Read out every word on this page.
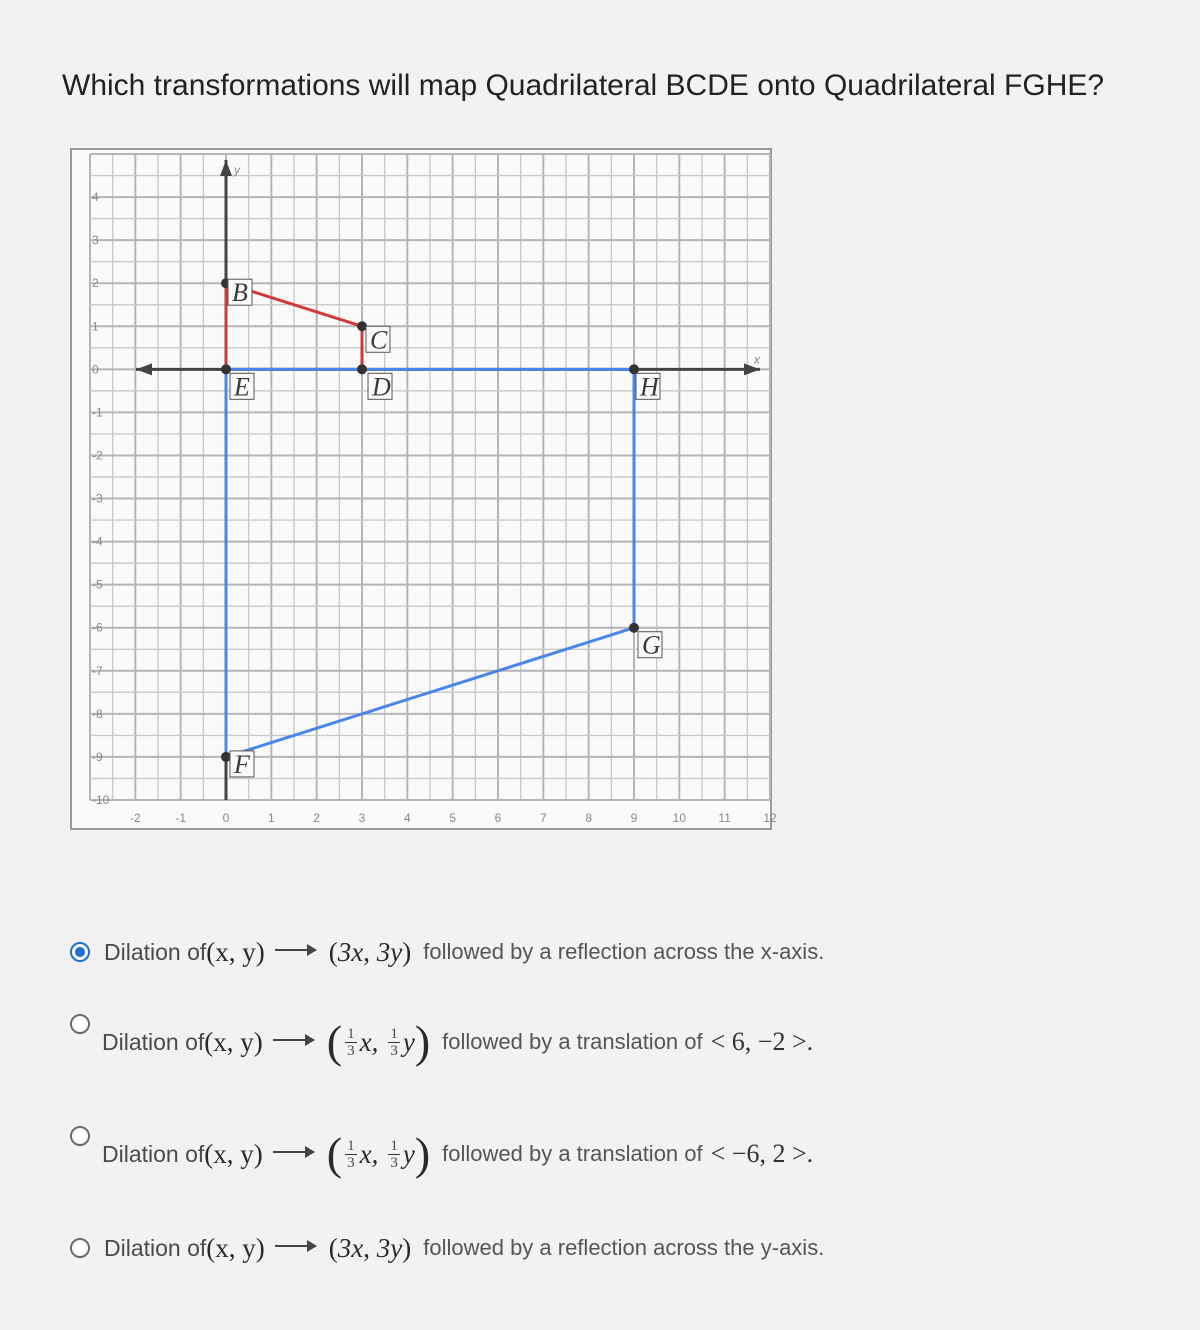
Which transformations will map Quadrilateral BCDE onto Quadrilateral FGHE?
x
y
-2	-1	0	1	2	3	4	5	6	7	8	9	10	11	12
4
3
2
1
0
-1
-2
-3
-4
-5
-6
-7
-8
-9
-10
B
C
D
E	H
G
F
Dilation of (x, y) (3x, 3y) followed by a reflection across the x-axis.
Dilation of (x, y) ( $\frac{1}{3} x$, $\frac{1}{3}$ y ) followed by a translation of < 6, −2 >.
Dilation of (x, y) ( $\frac{1}{3} x$, $\frac{1}{3}$ y ) followed by a translation of < −6, 2 >.
Dilation of (x, y) (3x, 3y) followed by a reflection across the y-axis.
